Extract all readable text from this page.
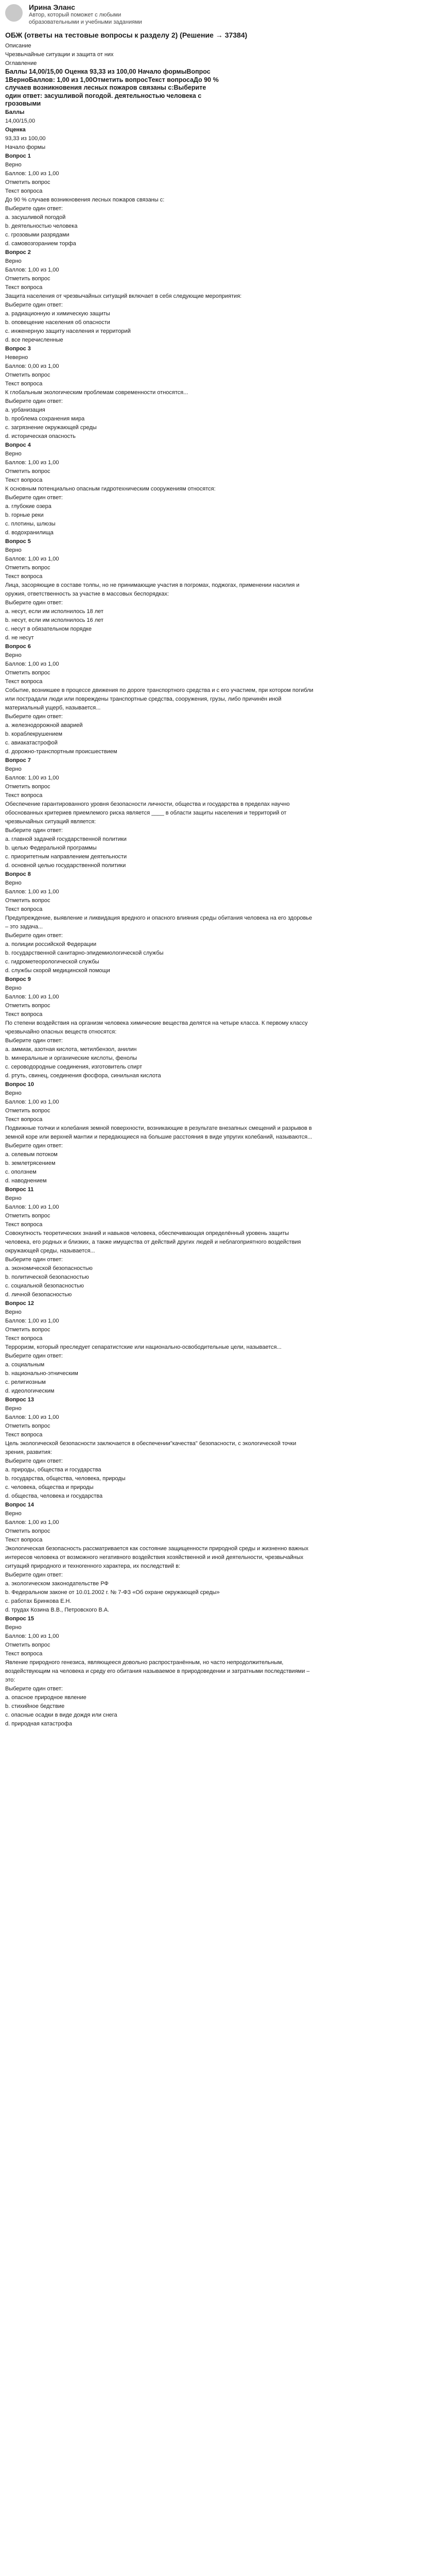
Ирина Эланс
Автор, который поможет с любыми образовательными и учебными заданиями
ОБЖ (ответы на тестовые вопросы к разделу 2) (Решение → 37384)
Описание
Чрезвычайные ситуации и защита от них
Оглавление
Баллы 14,00/15,00 Оценка 93,33 из 100,00 Начало формыВопрос 1ВерноБаллов: 1,00 из 1,00Отметить вопросТекст вопросаДо 90 % случаев возникновения лесных пожаров связаны с:Выберите один ответ: засушливой погодой. деятельностью человека с грозовыми
Баллы
14,00/15,00
Оценка
93,33 из 100,00
Начало формы
Вопрос 1
Верно
Баллов: 1,00 из 1,00
Отметить вопрос
Текст вопроса
До 90 % случаев возникновения лесных пожаров связаны с:
Выберите один ответ:
а. засушливой погодой
b. деятельностью человека
c. грозовыми разрядами
d. самовозгоранием торфа
Вопрос 2
Верно
Баллов: 1,00 из 1,00
Отметить вопрос
Текст вопроса
Защита населения от чрезвычайных ситуаций включает в себя следующие мероприятия:
Выберите один ответ:
а. радиационную и химическую защиты
b. оповещение населения об опасности
c. инженерную защиту населения и территорий
d. все перечисленные
Вопрос 3
Неверно
Баллов: 0,00 из 1,00
Отметить вопрос
Текст вопроса
К глобальным экологическим проблемам современности относятся...
Выберите один ответ:
а. урбанизация
b. проблема сохранения мира
c. загрязнение окружающей среды
d. историческая опасность
Вопрос 4
Верно
Баллов: 1,00 из 1,00
Отметить вопрос
Текст вопроса
К основным потенциально опасным гидротехническим сооружениям относятся:
Выберите один ответ:
а. глубокие озера
b. горные реки
c. плотины, шлюзы
d. водохранилища
Вопрос 5
Верно
Баллов: 1,00 из 1,00
Отметить вопрос
Текст вопроса
Лица, засоряющие в составе толпы, но не принимающие участия в погромах, поджогах, применении насилия и оружия, ответственность за участие в массовых беспорядках:
Выберите один ответ:
а. несут, если им исполнилось 18 лет
b. несут, если им исполнилось 16 лет
c. несут в обязательном порядке
d. не несут
Вопрос 6
Верно
Баллов: 1,00 из 1,00
Отметить вопрос
Текст вопроса
Событие, возникшее в процессе движения по дороге транспортного средства и с его участием, при котором погибли или пострадали люди или повреждены транспортные средства, сооружения, грузы, либо причинён иной материальный ущерб, называется...
Выберите один ответ:
а. железнодорожной аварией
b. кораблекрушением
c. авиакатастрофой
d. дорожно-транспортным происшествием
Вопрос 7
Верно
Баллов: 1,00 из 1,00
Отметить вопрос
Текст вопроса
Обеспечение гарантированного уровня безопасности личности, общества и государства в пределах научно обоснованных критериев приемлемого риска является ____ в области защиты населения и территорий от чрезвычайных ситуаций является:
Выберите один ответ:
а. главной задачей государственной политики
b. целью Федеральной программы
c. приоритетным направлением деятельности
d. основной целью государственной политики
Вопрос 8
Верно
Баллов: 1,00 из 1,00
Отметить вопрос
Текст вопроса
Предупреждение, выявление и ликвидация вредного и опасного влияния среды обитания человека на его здоровье – это задача...
Выберите один ответ:
а. полиции российской Федерации
b. государственной санитарно-эпидемиологической службы
c. гидрометеорологической службы
d. службы скорой медицинской помощи
Вопрос 9
Верно
Баллов: 1,00 из 1,00
Отметить вопрос
Текст вопроса
По степени воздействия на организм человека химические вещества делятся на четыре класса. К первому классу чрезвычайно опасных веществ относятся:
Выберите один ответ:
а. аммиак, азотная кислота, метилбензол, анилин
b. минеральные и органические кислоты, фенолы
c. сероводородные соединения, изготовитель спирт
d. ртуть, свинец, соединения фосфора, синильная кислота
Вопрос 10
Верно
Баллов: 1,00 из 1,00
Отметить вопрос
Текст вопроса
Подвижные толчки и колебания земной поверхности, возникающие в результате внезапных смещений и разрывов в земной коре или верхней мантии и передающиеся на большие расстояния в виде упругих колебаний, называются...
Выберите один ответ:
а. селевым потоком
b. землетрясением
c. оползнем
d. наводнением
Вопрос 11
Верно
Баллов: 1,00 из 1,00
Отметить вопрос
Текст вопроса
Совокупность теоретических знаний и навыков человека, обеспечивающая определённый уровень защиты человека, его родных и близких, а также имущества от действий других людей и неблагоприятного воздействия окружающей среды, называется...
Выберите один ответ:
а. экономической безопасностью
b. политической безопасностью
c. социальной безопасностью
d. личной безопасностью
Вопрос 12
Верно
Баллов: 1,00 из 1,00
Отметить вопрос
Текст вопроса
Терроризм, который преследует сепаратистские или национально-освободительные цели, называется...
Выберите один ответ:
а. социальным
b. национально-этническим
c. религиозным
d. идеологическим
Вопрос 13
Верно
Баллов: 1,00 из 1,00
Отметить вопрос
Текст вопроса
Цель экологической безопасности заключается в обеспечении"качества" безопасности, с экологической точки зрения, развития:
Выберите один ответ:
а. природы, общества и государства
b. государства, общества, человека, природы
c. человека, общества и природы
d. общества, человека и государства
Вопрос 14
Верно
Баллов: 1,00 из 1,00
Отметить вопрос
Текст вопроса
Экологическая безопасность рассматривается как состояние защищенности природной среды и жизненно важных интересов человека от возможного негативного воздействия хозяйственной и иной деятельности, чрезвычайных ситуаций природного и техногенного характера, их последствий в:
Выберите один ответ:
а. экологическом законодательстве РФ
b. Федеральном законе от 10.01.2002 г. № 7-ФЗ «Об охране окружающей среды»
c. работах Бринкова Е.Н.
d. трудах Козина В.В., Петровского В.А.
Вопрос 15
Верно
Баллов: 1,00 из 1,00
Отметить вопрос
Текст вопроса
Явление природного генезиса, являющееся довольно распространённым, но часто непродолжительным, воздействующим на человека и среду его обитания называемое в природоведении и затратными последствиями – это:
Выберите один ответ:
а. опасное природное явление
b. стихийное бедствие
c. опасные осадки в виде дождя или снега
d. природная катастрофа
